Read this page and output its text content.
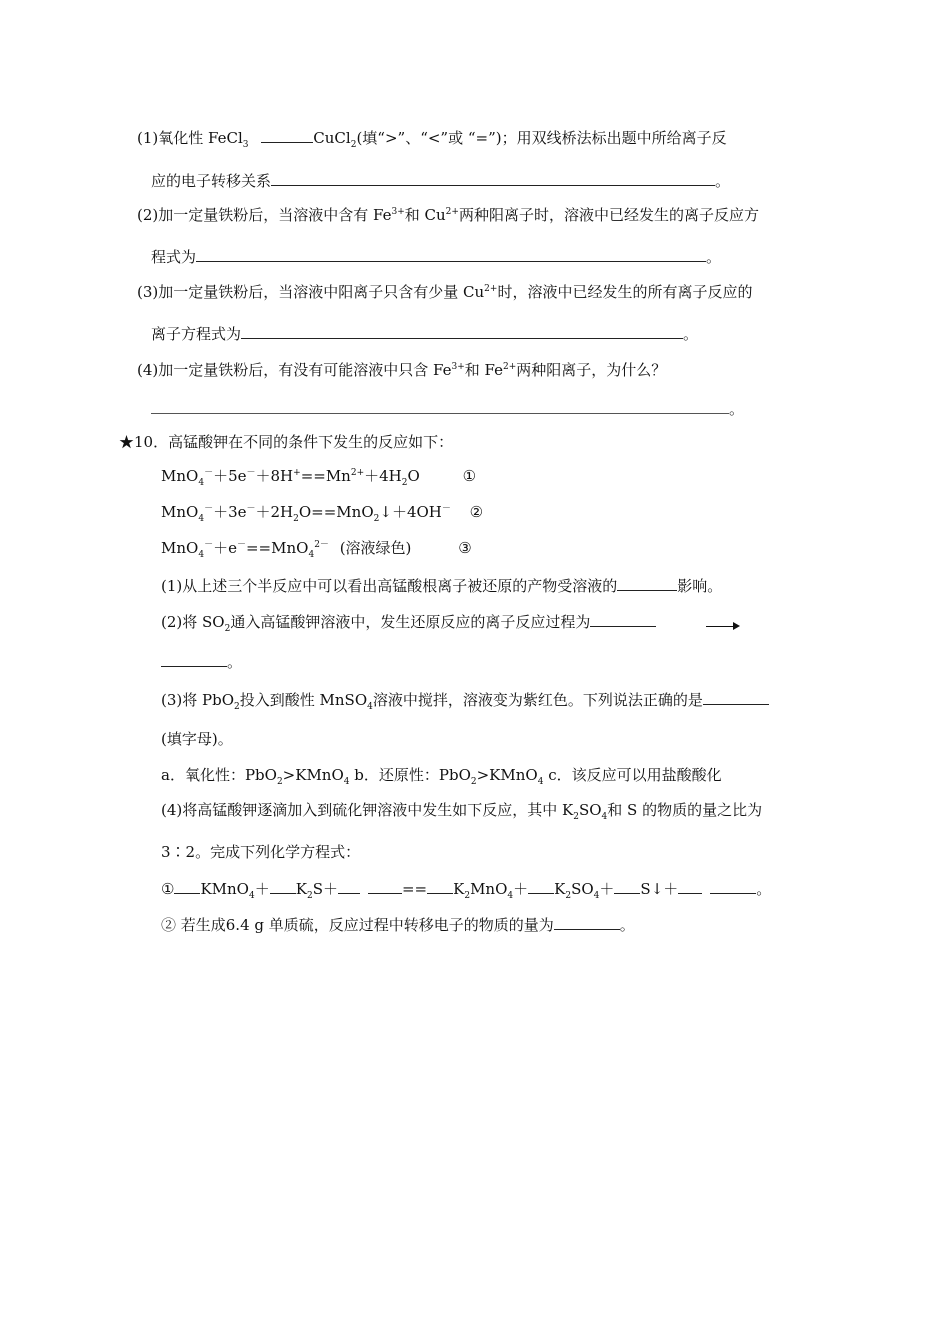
(1)氧化性 FeCl$_3$	CuCl$_2$(填“>”、“<”或 “=”)；用双线桥法标出题中所给离子反
应的电子转移关系	。
(2)加一定量铁粉后，当溶液中含有 $Fe^{3+}$和 $Cu^{2+}$两种阳离子时，溶液中已经发生的离子反应方
程式为	。
(3)加一定量铁粉后，当溶液中阳离子只含有少量 $Cu^{2+}$时，溶液中已经发生的所有离子反应的
离子方程式为	。
(4)加一定量铁粉后，有没有可能溶液中只含 $Fe^{3+}$和 $Fe^{2+}$两种阳离子，为什么？
。
★10．高锰酸钾在不同的条件下发生的反应如下：
$MnO_4^-+5e^-+8H^+==Mn^{2+}+4H_2O$	①
$MnO_4^-+3e^-+2H_2O==MnO_2↓+4OH^-$ ②
MnO$_4$－＋e－==MnO$_4^{2-}$ (溶液绿色)	③
(1)从上述三个半反应中可以看出高锰酸根离子被还原的产物受溶液的	影响。
(2)将 $SO_2$通入高锰酸钾溶液中，发生还原反应的离子反应过程为
。
(3)将 PbO$_2$投入到酸性 MnSO$_4$溶液中搅拌，溶液变为紫红色。下列说法正确的是
(填字母)。
a．氧化性：PbO$_2$>KMnO$_4$ b．还原性：PbO$_2$>KMnO$_4$ c．该反应可以用盐酸酸化
(4)将高锰酸钾逐滴加入到硫化钾溶液中发生如下反应，其中 $K_2SO_4$和 S 的物质的量之比为
3∶2。完成下列化学方程式：
① KMnO$_4$＋ $K_2S+$	== $K_2MnO_4+ K_2SO_4+$ S↓＋	。
② 若生成6.4 g 单质硫，反应过程中转移电子的物质的量为	。
